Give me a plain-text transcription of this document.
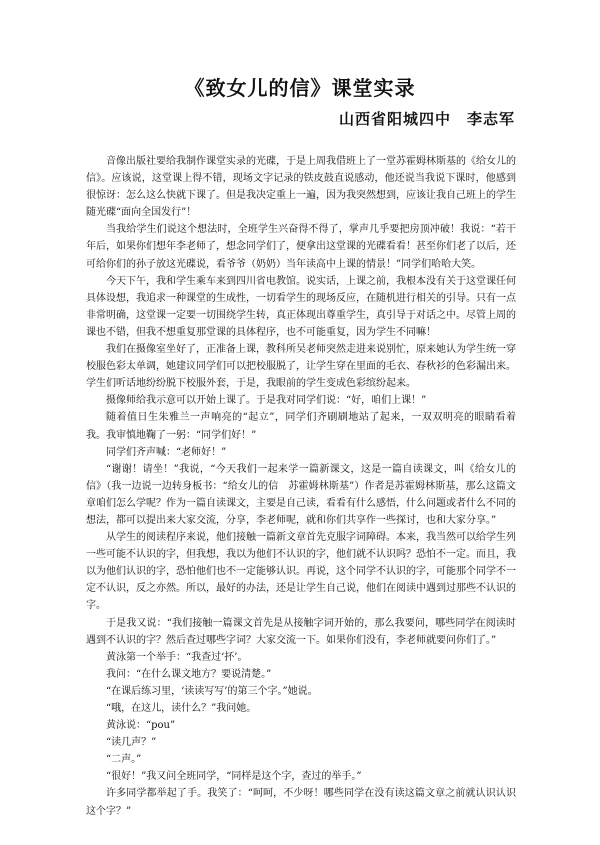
《致女儿的信》课堂实录
山西省阳城四中　李志军

音像出版社要给我制作课堂实录的光碟，于是上周我借班上了一堂苏霍姆林斯基的《给女儿的信》。应该说，这堂课上得不错，现场文字记录的铁皮鼓直说感动，他还说当我说下课时，他感到很惊讶：怎么这么快就下课了。但是我决定重上一遍，因为我突然想到，应该让我自己班上的学生随光碟“面向全国发行”！

当我给学生们说这个想法时，全班学生兴奋得不得了，掌声几乎要把房顶冲破！我说：“若干年后，如果你们想年李老师了，想念同学们了，便拿出这堂课的光碟看看！甚至你们老了以后，还可给你们的孙子放这光碟说，看爷爷（奶奶）当年读高中上课的情景！”同学们哈哈大笑。

今天下午，我和学生乘车来到四川省电教馆。说实话，上课之前，我根本没有关于这堂课任何具体设想，我追求一种课堂的生成性，一切看学生的现场反应，在随机进行相关的引导。只有一点非常明确，这堂课一定要一切围绕学生转，真正体现出尊重学生，真引导于对话之中。尽管上周的课也不错，但我不想重复那堂课的具体程序，也不可能重复，因为学生不同嘛！

我们在摄像室坐好了，正准备上课，教科所吴老师突然走进来说别忙，原来她认为学生统一穿校服色彩太单调，她建议同学们可以把校服脱了，让学生穿在里面的毛衣、春秋衫的色彩漏出来。学生们听话地纷纷脱下校服外套，于是，我眼前的学生变成色彩缤纷起来。

摄像师给我示意可以开始上课了。于是我对同学们说：“好，咱们上课！”

随着值日生朱雅兰一声响亮的“起立”，同学们齐刷刷地站了起来，一双双明亮的眼睛看着我。我审慎地鞠了一躬：“同学们好！”

同学们齐声喊：“老师好！”

“谢谢！请坐！”我说，“今天我们一起来学一篇新课文，这是一篇自读课文，叫《给女儿的信》（我一边说一边转身板书：“给女儿的信　苏霍姆林斯基”）作者是苏霍姆林斯基，那么这篇文章咱们怎么学呢？作为一篇自读课文，主要是自己读，看看有什么感悟，什么问题或者什么不同的想法，都可以提出来大家交流，分享，李老师呢，就和你们共享作一些探讨，也和大家分享。”

从学生的阅读程序来说，他们接触一篇新文章首先克服字词障碍。本来，我当然可以给学生列一些可能不认识的字，但我想，我以为他们不认识的字，他们就不认识吗？恐怕不一定。而且，我以为他们认识的字，恐怕他们也不一定能够认识。再说，这个同学不认识的字，可能那个同学不一定不认识，反之亦然。所以，最好的办法，还是让学生自己说，他们在阅读中遇到过那些不认识的字。

于是我又说：“我们接触一篇课文首先是从接触字词开始的，那么我要问，哪些同学在阅读时遇到不认识的字？然后查过哪些字词？大家交流一下。如果你们没有，李老师就要问你们了。”

黄泳第一个举手：“我查过‘抔’。

我问：“在什么课文地方？要说清楚。”

“在课后练习里，‘读读写写’的第三个字。”她说。

“哦，在这儿，读什么？”我问她。

黄泳说：“pou”

“读几声？”

“二声。”

“很好！”我又问全班同学，“同样是这个字，查过的举手。”

许多同学都举起了手。我笑了：“呵呵，不少呀！哪些同学在没有读这篇文章之前就认识认识这个字？”
